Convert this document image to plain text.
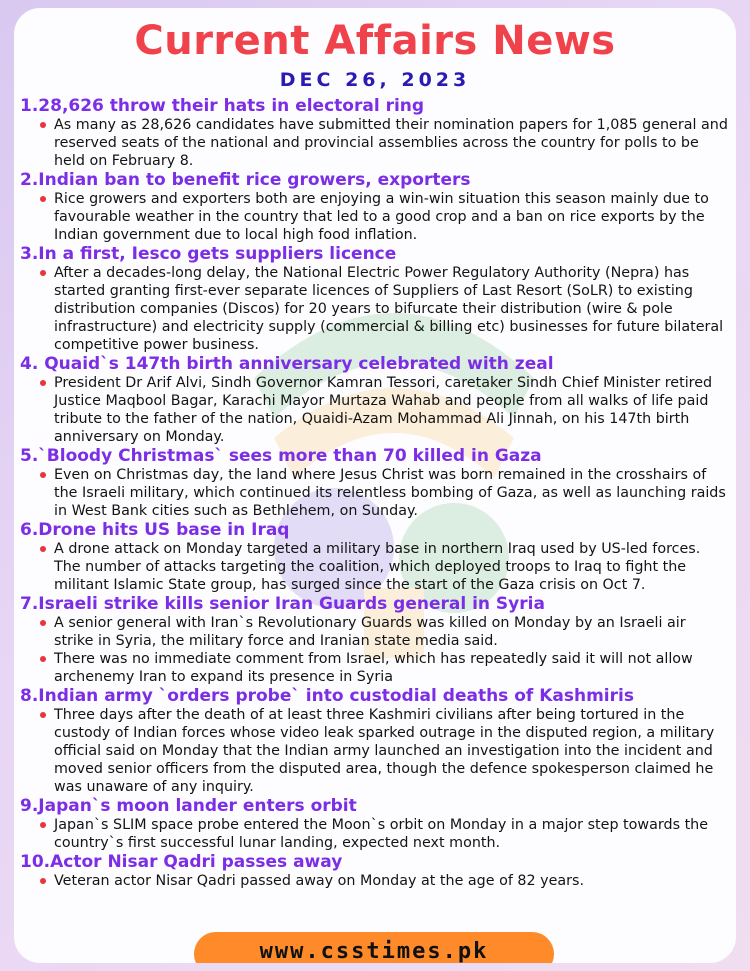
Current Affairs News
DEC 26, 2023
1.28,626 throw their hats in electoral ring
As many as 28,626 candidates have submitted their nomination papers for 1,085 general and reserved seats of the national and provincial assemblies across the country for polls to be held on February 8.
2.Indian ban to benefit rice growers, exporters
Rice growers and exporters both are enjoying a win-win situation this season mainly due to favourable weather in the country that led to a good crop and a ban on rice exports by the Indian government due to local high food inflation.
3.In a first, Iesco gets suppliers licence
After a decades-long delay, the National Electric Power Regulatory Authority (Nepra) has started granting first-ever separate licences of Suppliers of Last Resort (SoLR) to existing distribution companies (Discos) for 20 years to bifurcate their distribution (wire & pole infrastructure) and electricity supply (commercial & billing etc) businesses for future bilateral competitive power business.
4. Quaid`s 147th birth anniversary celebrated with zeal
President Dr Arif Alvi, Sindh Governor Kamran Tessori, caretaker Sindh Chief Minister retired Justice Maqbool Bagar, Karachi Mayor Murtaza Wahab and people from all walks of life paid tribute to the father of the nation, Quaidi-Azam Mohammad Ali Jinnah, on his 147th birth anniversary on Monday.
5.`Bloody Christmas` sees more than 70 killed in Gaza
Even on Christmas day, the land where Jesus Christ was born remained in the crosshairs of the Israeli military, which continued its relentless bombing of Gaza, as well as launching raids in West Bank cities such as Bethlehem, on Sunday.
6.Drone hits US base in Iraq
A drone attack on Monday targeted a military base in northern Iraq used by US-led forces. The number of attacks targeting the coalition, which deployed troops to Iraq to fight the militant Islamic State group, has surged since the start of the Gaza crisis on Oct 7.
7.Israeli strike kills senior Iran Guards general in Syria
A senior general with Iran`s Revolutionary Guards was killed on Monday by an Israeli air strike in Syria, the military force and Iranian state media said.
There was no immediate comment from Israel, which has repeatedly said it will not allow archenemy Iran to expand its presence in Syria
8.Indian army `orders probe` into custodial deaths of Kashmiris
Three days after the death of at least three Kashmiri civilians after being tortured in the custody of Indian forces whose video leak sparked outrage in the disputed region, a military official said on Monday that the Indian army launched an investigation into the incident and moved senior officers from the disputed area, though the defence spokesperson claimed he was unaware of any inquiry.
9.Japan`s moon lander enters orbit
Japan`s SLIM space probe entered the Moon`s orbit on Monday in a major step towards the country`s first successful lunar landing, expected next month.
10.Actor Nisar Qadri passes away
Veteran actor Nisar Qadri passed away on Monday at the age of 82 years.
www.csstimes.pk
